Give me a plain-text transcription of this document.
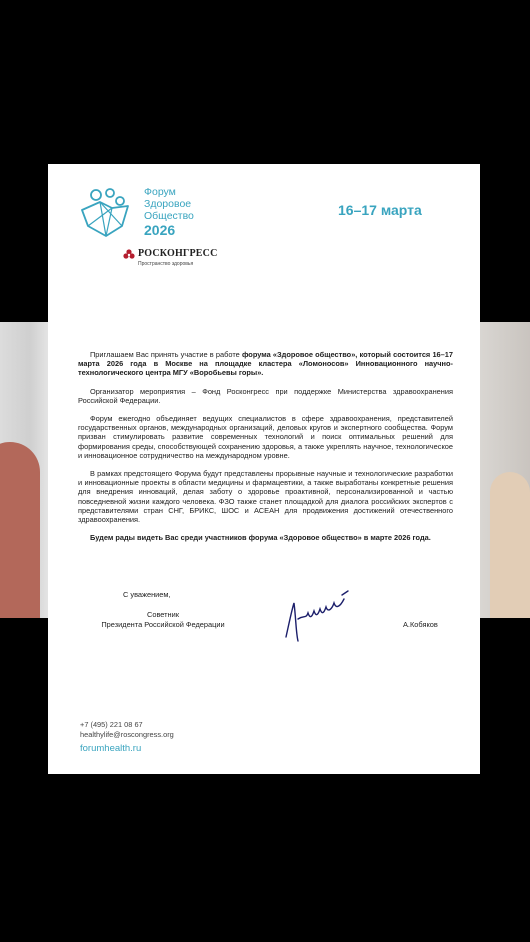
Форум
Здоровое
Общество
2026
16–17 марта
РОСКОНГРЕСС
Пространство здоровья

Приглашаем Вас принять участие в работе форума «Здоровое общество», который состоится 16–17 марта 2026 года в Москве на площадке кластера «Ломоносов» Инновационного научно-технологического центра МГУ «Воробьевы горы».

Организатор мероприятия – Фонд Росконгресс при поддержке Министерства здравоохранения Российской Федерации.

Форум ежегодно объединяет ведущих специалистов в сфере здравоохранения, представителей государственных органов, международных организаций, деловых кругов и экспертного сообщества. Форум призван стимулировать развитие современных технологий и поиск оптимальных решений для формирования среды, способствующей сохранению здоровья, а также укреплять научное, технологическое и инновационное сотрудничество на международном уровне.

В рамках предстоящего Форума будут представлены прорывные научные и технологические разработки и инновационные проекты в области медицины и фармацевтики, а также выработаны конкретные решения для внедрения инноваций, делая заботу о здоровье проактивной, персонализированной и частью повседневной жизни каждого человека. ФЗО также станет площадкой для диалога российских экспертов с представителями стран СНГ, БРИКС, ШОС и АСЕАН для продвижения достижений отечественного здравоохранения.

Будем рады видеть Вас среди участников форума «Здоровое общество» в марте 2026 года.

С уважением,
Советник
Президента Российской Федерации	А.Кобяков
+7 (495) 221 08 67
healthylife@roscongress.org
forumhealth.ru
